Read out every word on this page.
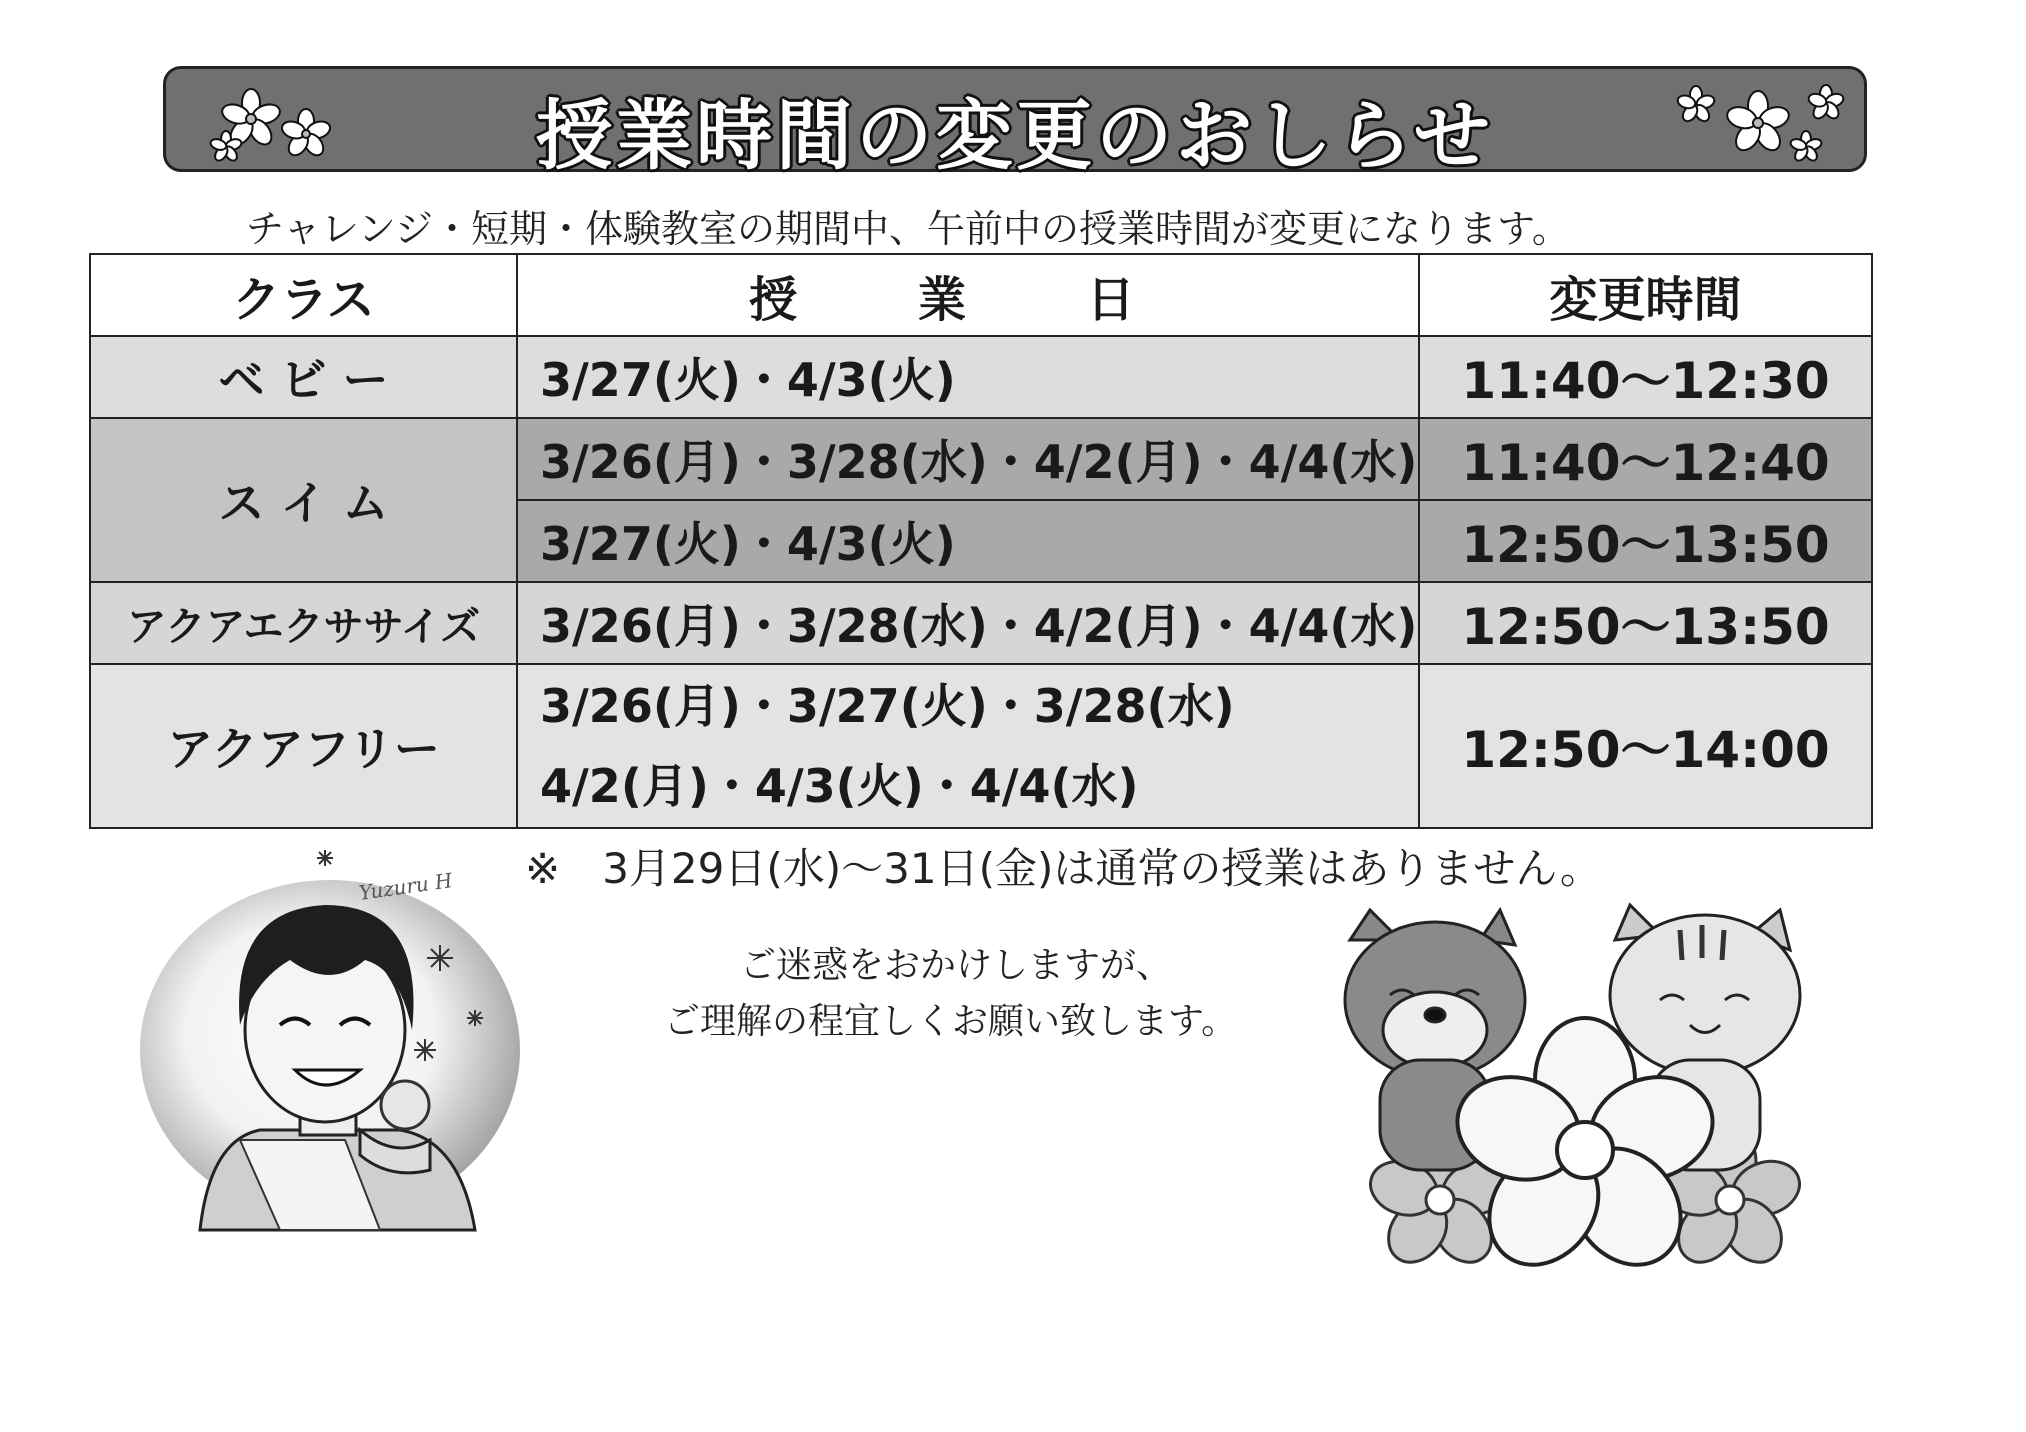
授業時間の変更のおしらせ
チャレンジ・短期・体験教室の期間中、午前中の授業時間が変更になります。
クラス	授 業 日	変更時間
ベ ビ ー	3/27(火)・4/3(火)	11:40～12:30
ス イ ム	3/26(月)・3/28(水)・4/2(月)・4/4(水)	11:40～12:40
	3/27(火)・4/3(火)	12:50～13:50
アクアエクササイズ	3/26(月)・3/28(水)・4/2(月)・4/4(水)	12:50～13:50
アクアフリー	3/26(月)・3/27(火)・3/28(水)
4/2(月)・4/3(火)・4/4(水)	12:50～14:00
※　3月29日(水)～31日(金)は通常の授業はありません。
ご迷惑をおかけしますが、
ご理解の程宜しくお願い致します。
Yuzuru H
